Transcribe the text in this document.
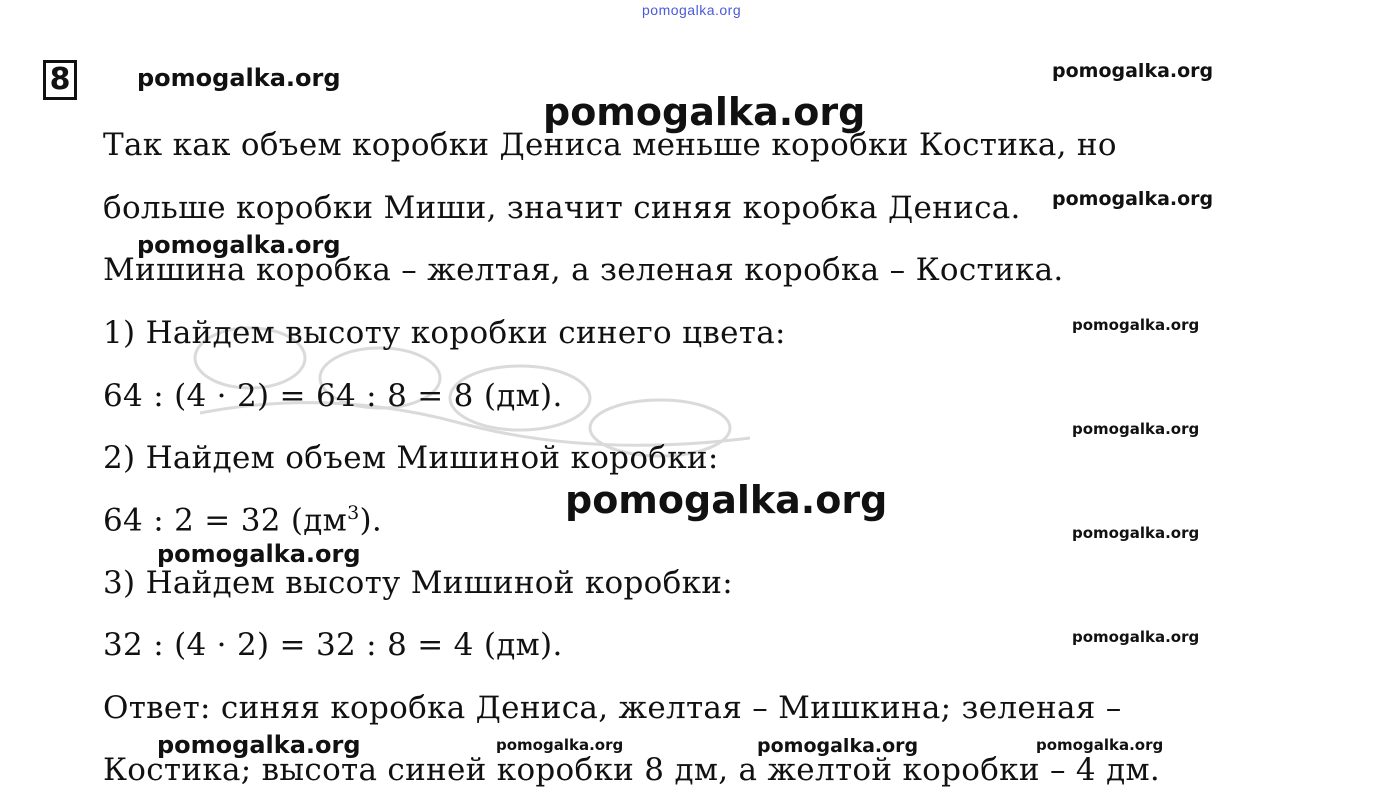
pomogalka.org
8
Так как объем коробки Дениса меньше коробки Костика, но
больше коробки Миши, значит синяя коробка Дениса.
Мишина коробка – желтая, а зеленая коробка – Костика.
1) Найдем высоту коробки синего цвета:
64 : (4 · 2) = 64 : 8 = 8 (дм).
2) Найдем объем Мишиной коробки:
64 : 2 = 32 $(дм^3)$.
3) Найдем высоту Мишиной коробки:
32 : (4 · 2) = 32 : 8 = 4 (дм).
Ответ: синяя коробка Дениса, желтая – Мишкина; зеленая –
Костика; высота синей коробки 8 дм, а желтой коробки – 4 дм.
pomogalka.org	pomogalka.org
pomogalka.org
pomogalka.org
pomogalka.org
pomogalka.org
pomogalka.org
pomogalka.org
pomogalka.org
pomogalka.org
pomogalka.org
pomogalka.org	pomogalka.org	pomogalka.org	pomogalka.org
